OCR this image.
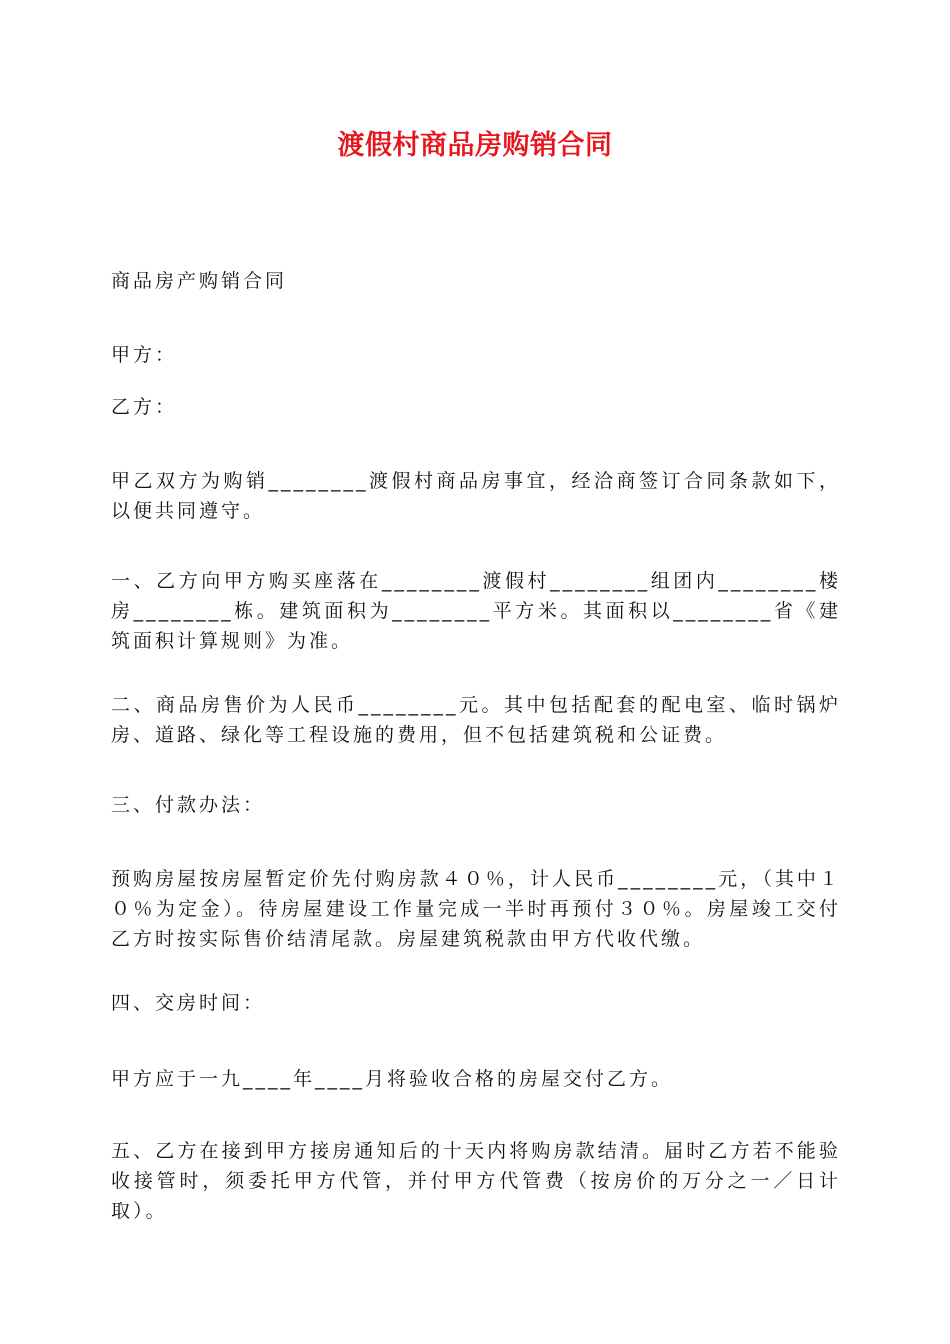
渡假村商品房购销合同

商品房产购销合同

甲方：

乙方：

甲乙双方为购销________渡假村商品房事宜，经洽商签订合同条款如下，以便共同遵守。

一、乙方向甲方购买座落在________渡假村________组团内________楼房________栋。建筑面积为________平方米。其面积以________省《建筑面积计算规则》为准。

二、商品房售价为人民币________元。其中包括配套的配电室、临时锅炉房、道路、绿化等工程设施的费用，但不包括建筑税和公证费。

三、付款办法：

预购房屋按房屋暂定价先付购房款４０％，计人民币________元，（其中１０％为定金）。待房屋建设工作量完成一半时再预付３０％。房屋竣工交付乙方时按实际售价结清尾款。房屋建筑税款由甲方代收代缴。

四、交房时间：

甲方应于一九____年____月将验收合格的房屋交付乙方。

五、乙方在接到甲方接房通知后的十天内将购房款结清。届时乙方若不能验收接管时，须委托甲方代管，并付甲方代管费（按房价的万分之一／日计取）。
